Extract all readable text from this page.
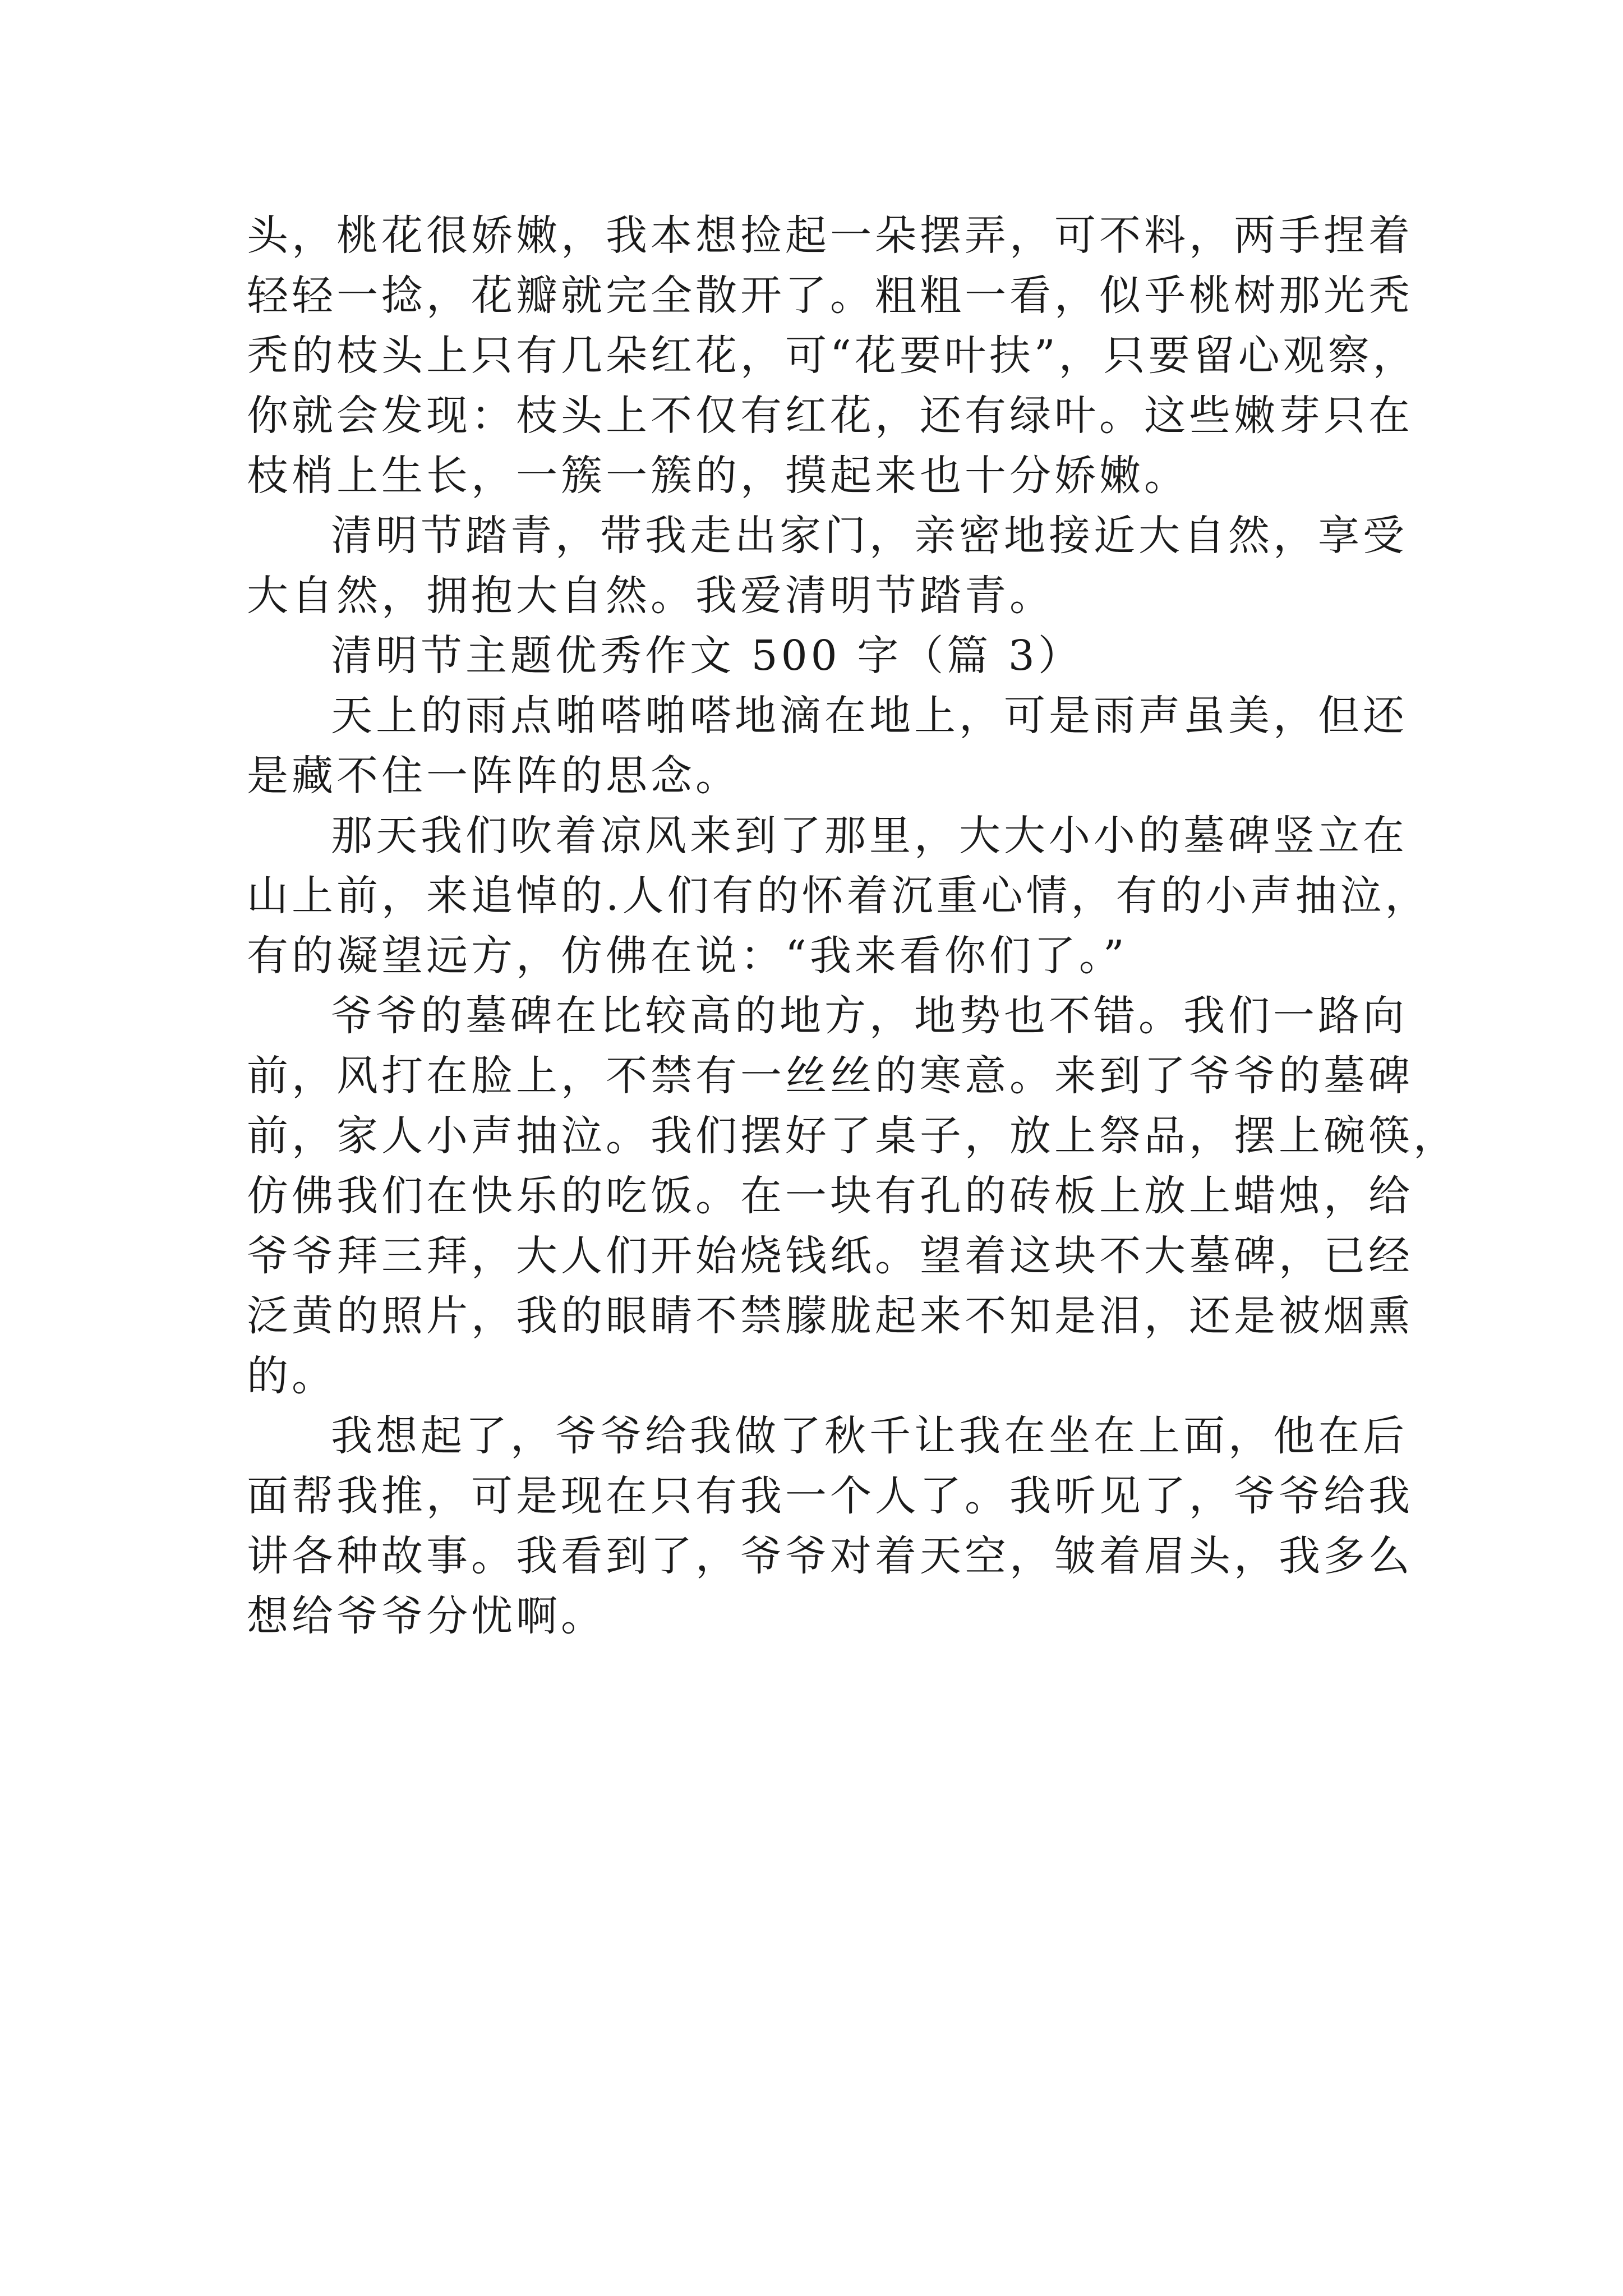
头，桃花很娇嫩，我本想捡起一朵摆弄，可不料，两手捏着
轻轻一捻，花瓣就完全散开了。粗粗一看，似乎桃树那光秃
秃的枝头上只有几朵红花，可“花要叶扶”，只要留心观察，
你就会发现：枝头上不仅有红花，还有绿叶。这些嫩芽只在
枝梢上生长，一簇一簇的，摸起来也十分娇嫩。
清明节踏青，带我走出家门，亲密地接近大自然，享受
大自然，拥抱大自然。我爱清明节踏青。
清明节主题优秀作文 500 字（篇 3）
天上的雨点啪嗒啪嗒地滴在地上，可是雨声虽美，但还
是藏不住一阵阵的思念。
那天我们吹着凉风来到了那里，大大小小的墓碑竖立在
山上前，来追悼的.人们有的怀着沉重心情，有的小声抽泣，
有的凝望远方，仿佛在说：“我来看你们了。”
爷爷的墓碑在比较高的地方，地势也不错。我们一路向
前，风打在脸上，不禁有一丝丝的寒意。来到了爷爷的墓碑
前，家人小声抽泣。我们摆好了桌子，放上祭品，摆上碗筷，
仿佛我们在快乐的吃饭。在一块有孔的砖板上放上蜡烛，给
爷爷拜三拜，大人们开始烧钱纸。望着这块不大墓碑，已经
泛黄的照片，我的眼睛不禁朦胧起来不知是泪，还是被烟熏
的。
我想起了，爷爷给我做了秋千让我在坐在上面，他在后
面帮我推，可是现在只有我一个人了。我听见了，爷爷给我
讲各种故事。我看到了，爷爷对着天空，皱着眉头，我多么
想给爷爷分忧啊。
